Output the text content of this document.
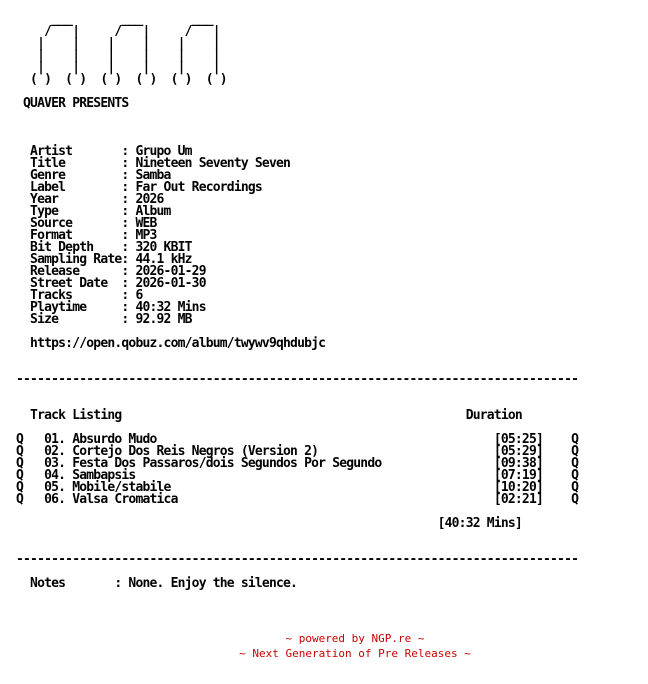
___       ___       ___
/   |     /   |     /   |
|    |    |    |    |    |
|    |    |    |    |    |
|    |    |    |    |    |
( )  ( )  ( )  ( )  ( )  ( )
QUAVER PRESENTS
Artist       : Grupo Um
Title        : Nineteen Seventy Seven
Genre        : Samba
Label        : Far Out Recordings
Year         : 2026
Type         : Album
Source       : WEB
Format       : MP3
Bit Depth    : 320 KBIT
Sampling Rate: 44.1 kHz
Release      : 2026-01-29
Street Date  : 2026-01-30
Tracks       : 6
Playtime     : 40:32 Mins
Size         : 92.92 MB
https://open.qobuz.com/album/twywv9qhdubjc
--------------------------------------------------------------------------------
Track Listing                                                 Duration
Q   01. Absurdo Mudo                                                [05:25]    Q
Q   02. Cortejo Dos Reis Negros (Version 2)                         [05:29]    Q
Q   03. Festa Dos Passaros/dois Segundos Por Segundo                [09:38]    Q
Q   04. Sambapsis                                                   [07:19]    Q
Q   05. Mobile/stabile                                              [10:20]    Q
Q   06. Valsa Cromatica                                             [02:21]    Q
[40:32 Mins]
--------------------------------------------------------------------------------
Notes       : None. Enjoy the silence.
~ powered by NGP.re ~
~ Next Generation of Pre Releases ~
